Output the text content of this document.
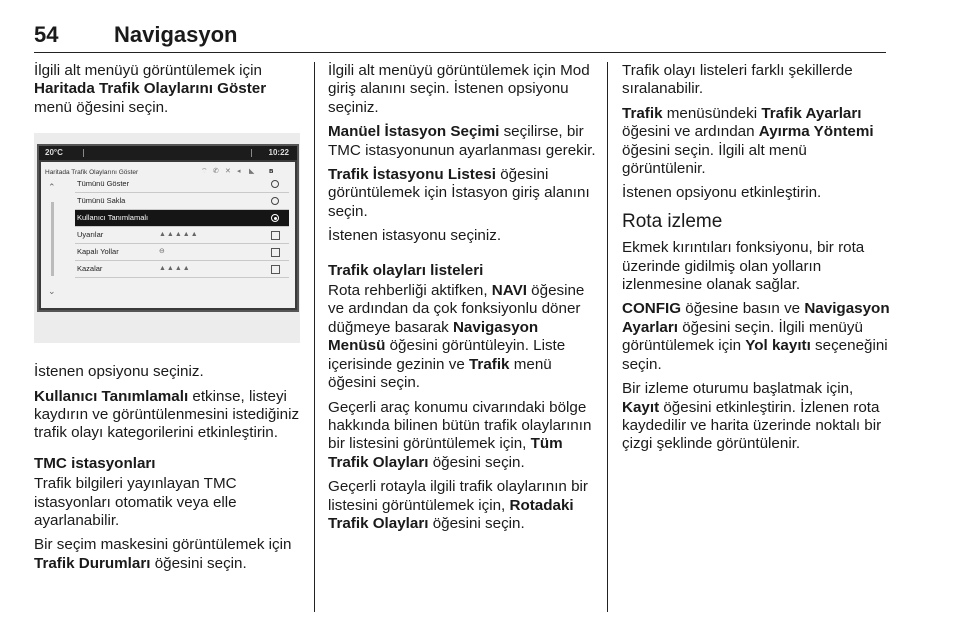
54	Navigasyon

İlgili alt menüyü görüntülemek için Haritada Trafik Olaylarını Göster menü öğesini seçin.

20°C	10:22
Haritada Trafik Olaylarını Göster	⌔ ✆ ✕ ◂ ◣ ʙ
⌃
⌄
Tümünü Göster
Tümünü Sakla
Kullanıcı Tanımlamalı
Uyarılar	▲▲▲▲▲
Kapalı Yollar	⊖
Kazalar	▲▲▲▲

İstenen opsiyonu seçiniz.

Kullanıcı Tanımlamalı etkinse, listeyi kaydırın ve görüntülenmesini istediğiniz trafik olayı kategorilerini etkinleştirin.

TMC istasyonları

Trafik bilgileri yayınlayan TMC istasyonları otomatik veya elle ayarlanabilir.

Bir seçim maskesini görüntülemek için Trafik Durumları öğesini seçin.

İlgili alt menüyü görüntülemek için Mod giriş alanını seçin. İstenen opsiyonu seçiniz.

Manüel İstasyon Seçimi seçilirse, bir TMC istasyonunun ayarlanması gerekir.

Trafik İstasyonu Listesi öğesini görüntülemek için İstasyon giriş alanını seçin.

İstenen istasyonu seçiniz.

Trafik olayları listeleri

Rota rehberliği aktifken, NAVI öğesine ve ardından da çok fonksiyonlu döner düğmeye basarak Navigasyon Menüsü öğesini görüntüleyin. Liste içerisinde gezinin ve Trafik menü öğesini seçin.

Geçerli araç konumu civarındaki bölge hakkında bilinen bütün trafik olaylarının bir listesini görüntülemek için, Tüm Trafik Olayları öğesini seçin.

Geçerli rotayla ilgili trafik olaylarının bir listesini görüntülemek için, Rotadaki Trafik Olayları öğesini seçin.

Trafik olayı listeleri farklı şekillerde sıralanabilir.

Trafik menüsündeki Trafik Ayarları öğesini ve ardından Ayırma Yöntemi öğesini seçin. İlgili alt menü görüntülenir.

İstenen opsiyonu etkinleştirin.

Rota izleme

Ekmek kırıntıları fonksiyonu, bir rota üzerinde gidilmiş olan yolların izlenmesine olanak sağlar.

CONFIG öğesine basın ve Navigasyon Ayarları öğesini seçin. İlgili menüyü görüntülemek için Yol kayıtı seçeneğini seçin.

Bir izleme oturumu başlatmak için, Kayıt öğesini etkinleştirin. İzlenen rota kaydedilir ve harita üzerinde noktalı bir çizgi şeklinde görüntülenir.
